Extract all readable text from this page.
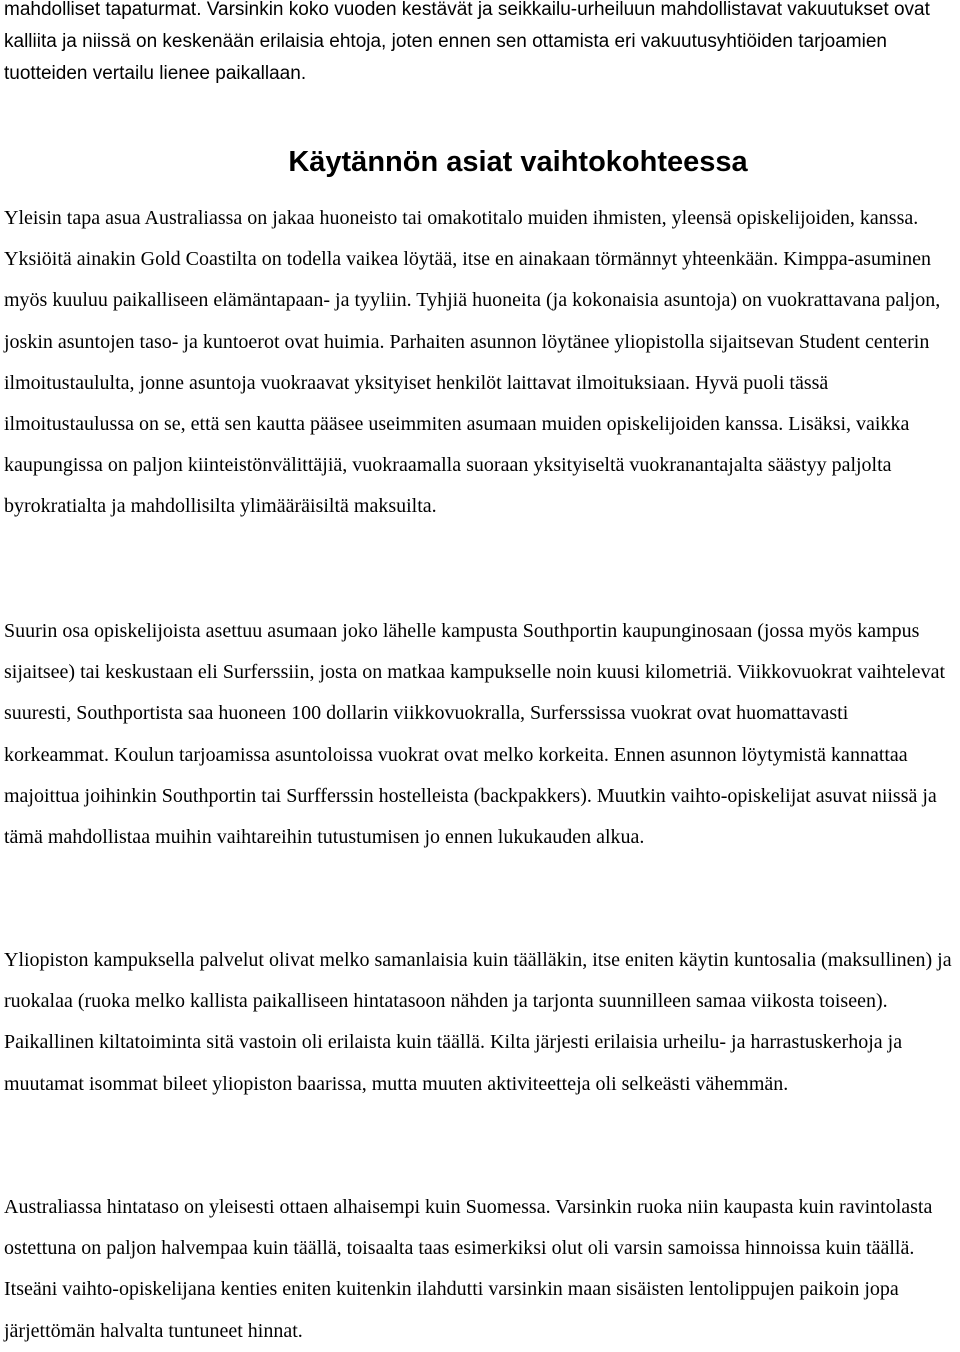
mahdolliset tapaturmat. Varsinkin koko vuoden kestävät ja seikkailu-urheiluun mahdollistavat vakuutukset ovat kalliita ja niissä on keskenään erilaisia ehtoja, joten ennen sen ottamista eri vakuutusyhtiöiden tarjoamien tuotteiden vertailu lienee paikallaan.

Käytännön asiat vaihtokohteessa

Yleisin tapa asua Australiassa on jakaa huoneisto tai omakotitalo muiden ihmisten, yleensä opiskelijoiden, kanssa. Yksiöitä ainakin Gold Coastilta on todella vaikea löytää, itse en ainakaan törmännyt yhteenkään. Kimppa-asuminen myös kuuluu paikalliseen elämäntapaan- ja tyyliin. Tyhjiä huoneita (ja kokonaisia asuntoja) on vuokrattavana paljon, joskin asuntojen taso- ja kuntoerot ovat huimia. Parhaiten asunnon löytänee yliopistolla sijaitsevan Student centerin ilmoitustaululta, jonne asuntoja vuokraavat yksityiset henkilöt laittavat ilmoituksiaan. Hyvä puoli tässä ilmoitustaulussa on se, että sen kautta pääsee useimmiten asumaan muiden opiskelijoiden kanssa. Lisäksi, vaikka kaupungissa on paljon kiinteistönvälittäjiä, vuokraamalla suoraan yksityiseltä vuokranantajalta säästyy paljolta byrokratialta ja mahdollisilta ylimääräisiltä maksuilta.

Suurin osa opiskelijoista asettuu asumaan joko lähelle kampusta Southportin kaupunginosaan (jossa myös kampus sijaitsee) tai keskustaan eli Surferssiin, josta on matkaa kampukselle noin kuusi kilometriä. Viikkovuokrat vaihtelevat suuresti, Southportista saa huoneen 100 dollarin viikkovuokralla, Surferssissa vuokrat ovat huomattavasti korkeammat. Koulun tarjoamissa asuntoloissa vuokrat ovat melko korkeita. Ennen asunnon löytymistä kannattaa majoittua joihinkin Southportin tai Surfferssin hostelleista (backpakkers). Muutkin vaihto-opiskelijat asuvat niissä ja tämä mahdollistaa muihin vaihtareihin tutustumisen jo ennen lukukauden alkua.

Yliopiston kampuksella palvelut olivat melko samanlaisia kuin täälläkin, itse eniten käytin kuntosalia (maksullinen) ja ruokalaa (ruoka melko kallista paikalliseen hintatasoon nähden ja tarjonta suunnilleen samaa viikosta toiseen). Paikallinen kiltatoiminta sitä vastoin oli erilaista kuin täällä. Kilta järjesti erilaisia urheilu- ja harrastuskerhoja ja muutamat isommat bileet yliopiston baarissa, mutta muuten aktiviteetteja oli selkeästi vähemmän.

Australiassa hintataso on yleisesti ottaen alhaisempi kuin Suomessa. Varsinkin ruoka niin kaupasta kuin ravintolasta ostettuna on paljon halvempaa kuin täällä, toisaalta taas esimerkiksi olut oli varsin samoissa hinnoissa kuin täällä. Itseäni vaihto-opiskelijana kenties eniten kuitenkin ilahdutti varsinkin maan sisäisten lentolippujen paikoin jopa järjettömän halvalta tuntuneet hinnat.
